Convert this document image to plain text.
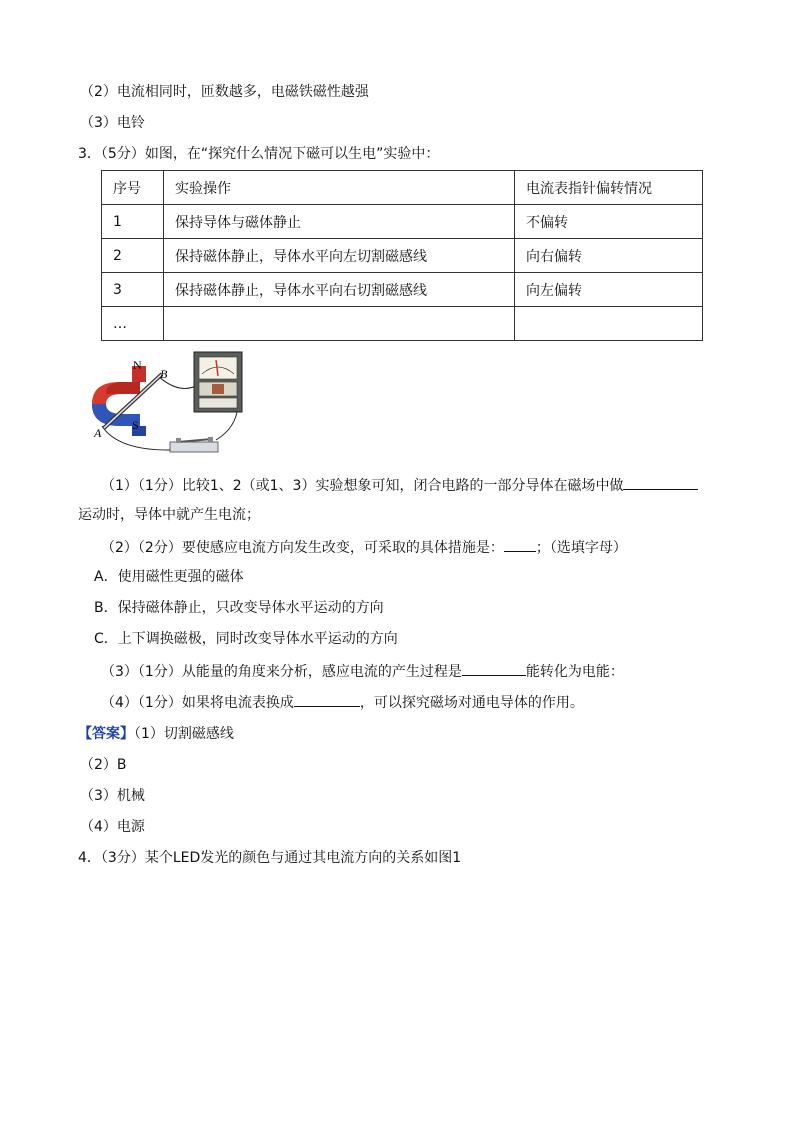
（2）电流相同时，匝数越多，电磁铁磁性越强
（3）电铃
3．（5分）如图，在“探究什么情况下磁可以生电”实验中：
序号	实验操作	电流表指针偏转情况
1	保持导体与磁体静止	不偏转
2	保持磁体静止，导体水平向左切割磁感线	向右偏转
3	保持磁体静止，导体水平向右切割磁感线	向左偏转
…		
N
S
A
B
（1）（1分）比较1、2（或1、3）实验想象可知，闭合电路的一部分导体在磁场中做
运动时，导体中就产生电流；
（2）（2分）要使感应电流方向发生改变，可采取的具体措施是： ；（选填字母）
A．使用磁性更强的磁体
B．保持磁体静止，只改变导体水平运动的方向
C．上下调换磁极，同时改变导体水平运动的方向
（3）（1分）从能量的角度来分析，感应电流的产生过程是	能转化为电能：
（4）（1分）如果将电流表换成	，可以探究磁场对通电导体的作用。
【答案】（1）切割磁感线
（2）B
（3）机械
（4）电源
4．（3分）某个LED发光的颜色与通过其电流方向的关系如图1
